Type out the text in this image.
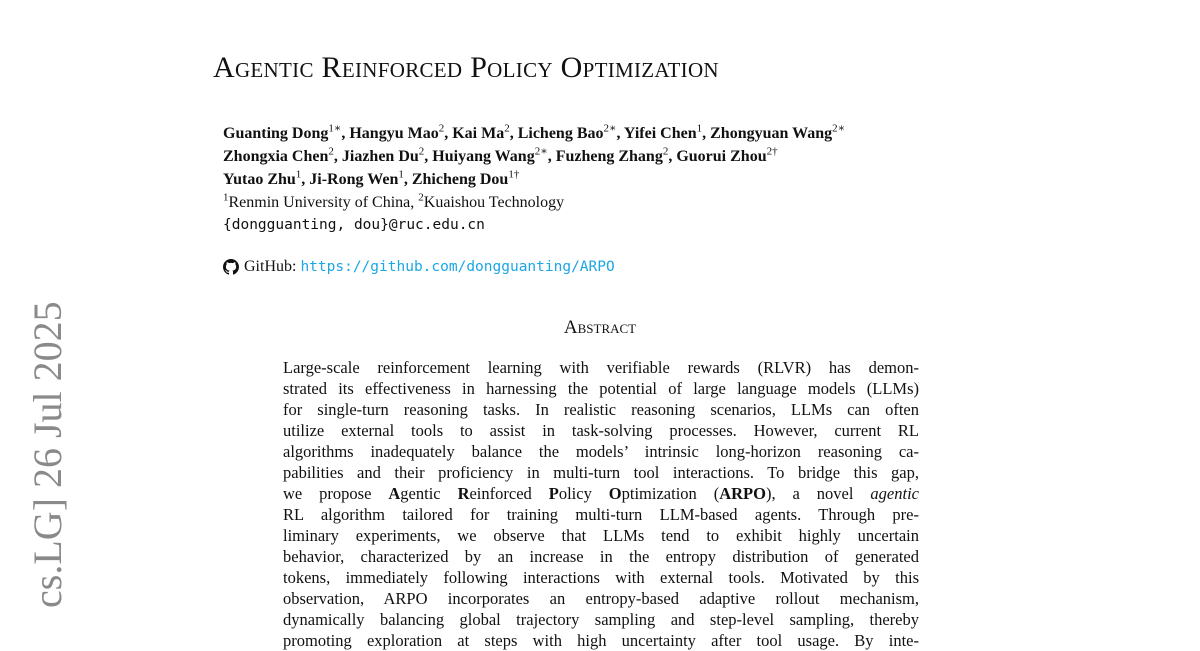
Agentic Reinforced Policy Optimization
Guanting Dong$^{1∗}$, Hangyu Mao$^2$, Kai Ma$^2$, Licheng Bao$^{2∗}$, Yifei Chen$^1$, Zhongyuan Wang$^{2∗}$
Zhongxia Chen$^2$, Jiazhen Du$^2$, Huiyang Wang$^{2∗}$, Fuzheng Zhang$^2$, Guorui Zhou$^{2\dagger}$
Yutao Zhu$^1$, Ji-Rong Wen$^1$, Zhicheng Dou$^{1\dagger}$
$^1$Renmin University of China, $^2$Kuaishou Technology
{dongguanting, dou}@ruc.edu.cn
GitHub: https://github.com/dongguanting/ARPO
Abstract
Large-scale reinforcement learning with verifiable rewards (RLVR) has demon-
strated its effectiveness in harnessing the potential of large language models (LLMs)
for single-turn reasoning tasks. In realistic reasoning scenarios, LLMs can often
utilize external tools to assist in task-solving processes. However, current RL
algorithms inadequately balance the models’ intrinsic long-horizon reasoning ca-
pabilities and their proficiency in multi-turn tool interactions. To bridge this gap,
we propose Agentic Reinforced Policy Optimization (ARPO), a novel agentic
RL algorithm tailored for training multi-turn LLM-based agents. Through pre-
liminary experiments, we observe that LLMs tend to exhibit highly uncertain
behavior, characterized by an increase in the entropy distribution of generated
tokens, immediately following interactions with external tools. Motivated by this
observation, ARPO incorporates an entropy-based adaptive rollout mechanism,
dynamically balancing global trajectory sampling and step-level sampling, thereby
promoting exploration at steps with high uncertainty after tool usage. By inte-
cs.LG] 26 Jul 2025
